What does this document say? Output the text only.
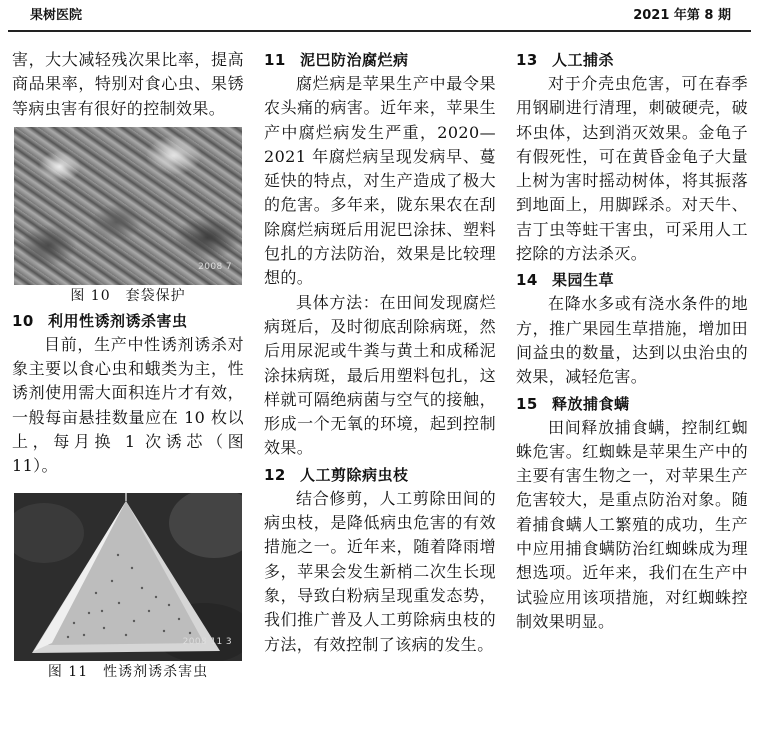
果树医院	2021 年第 8 期

害，大大减轻残次果比率，提高商品果率，特别对食心虫、果锈等病虫害有很好的控制效果。

2008 7

图 10　套袋保护

10 利用性诱剂诱杀害虫

目前，生产中性诱剂诱杀对象主要以食心虫和蛾类为主，性诱剂使用需大面积连片才有效，一般每亩悬挂数量应在 10 枚以上，每月换 1 次诱芯（图 11）。

2008 11 3

图 11　性诱剂诱杀害虫

11 泥巴防治腐烂病

腐烂病是苹果生产中最令果农头痛的病害。近年来，苹果生产中腐烂病发生严重，2020—2021 年腐烂病呈现发病早、蔓延快的特点，对生产造成了极大的危害。多年来，陇东果农在刮除腐烂病斑后用泥巴涂抹、塑料包扎的方法防治，效果是比较理想的。

具体方法：在田间发现腐烂病斑后，及时彻底刮除病斑，然后用尿泥或牛粪与黄土和成稀泥涂抹病斑，最后用塑料包扎，这样就可隔绝病菌与空气的接触，形成一个无氧的环境，起到控制效果。

12 人工剪除病虫枝

结合修剪，人工剪除田间的病虫枝，是降低病虫危害的有效措施之一。近年来，随着降雨增多，苹果会发生新梢二次生长现象，导致白粉病呈现重发态势，我们推广普及人工剪除病虫枝的方法，有效控制了该病的发生。

13 人工捕杀

对于介壳虫危害，可在春季用钢刷进行清理，刺破硬壳，破坏虫体，达到消灭效果。金龟子有假死性，可在黄昏金龟子大量上树为害时摇动树体，将其振落到地面上，用脚踩杀。对天牛、吉丁虫等蛀干害虫，可采用人工挖除的方法杀灭。

14 果园生草

在降水多或有浇水条件的地方，推广果园生草措施，增加田间益虫的数量，达到以虫治虫的效果，减轻危害。

15 释放捕食螨

田间释放捕食螨，控制红蜘蛛危害。红蜘蛛是苹果生产中的主要有害生物之一，对苹果生产危害较大，是重点防治对象。随着捕食螨人工繁殖的成功，生产中应用捕食螨防治红蜘蛛成为理想选项。近年来，我们在生产中试验应用该项措施，对红蜘蛛控制效果明显。
